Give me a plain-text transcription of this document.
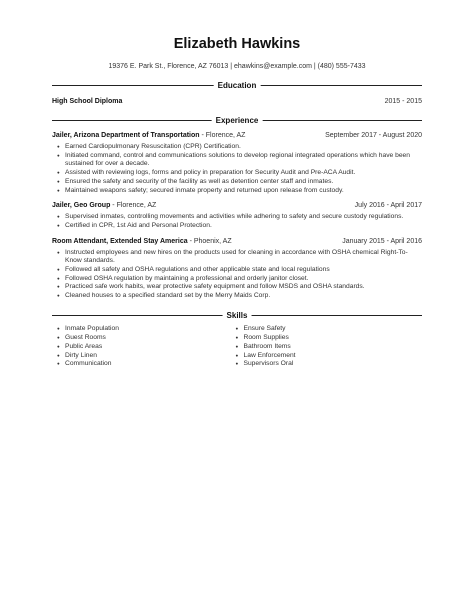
Elizabeth Hawkins
19376 E. Park St., Florence, AZ 76013 | ehawkins@example.com | (480) 555-7433
Education
High School Diploma	2015 - 2015
Experience
Jailer, Arizona Department of Transportation - Florence, AZ	September 2017 - August 2020
● Earned Cardiopulmonary Resuscitation (CPR) Certification.
● Initiated command, control and communications solutions to develop regional integrated operations which have been sustained for over a decade.
● Assisted with reviewing logs, forms and policy in preparation for Security Audit and Pre-ACA Audit.
● Ensured the safety and security of the facility as well as detention center staff and inmates.
● Maintained weapons safety; secured inmate property and returned upon release from custody.
Jailer, Geo Group - Florence, AZ	July 2016 - April 2017
● Supervised inmates, controlling movements and activities while adhering to safety and secure custody regulations.
● Certified in CPR, 1st Aid and Personal Protection.
Room Attendant, Extended Stay America - Phoenix, AZ	January 2015 - April 2016
● Instructed employees and new hires on the products used for cleaning in accordance with OSHA chemical Right-To-Know standards.
● Followed all safety and OSHA regulations and other applicable state and local regulations
● Followed OSHA regulation by maintaining a professional and orderly janitor closet.
● Practiced safe work habits, wear protective safety equipment and follow MSDS and OSHA standards.
● Cleaned houses to a specified standard set by the Merry Maids Corp.
Skills
● Inmate Population
● Guest Rooms
● Public Areas
● Dirty Linen
● Communication
● Ensure Safety
● Room Supplies
● Bathroom Items
● Law Enforcement
● Supervisors Oral
